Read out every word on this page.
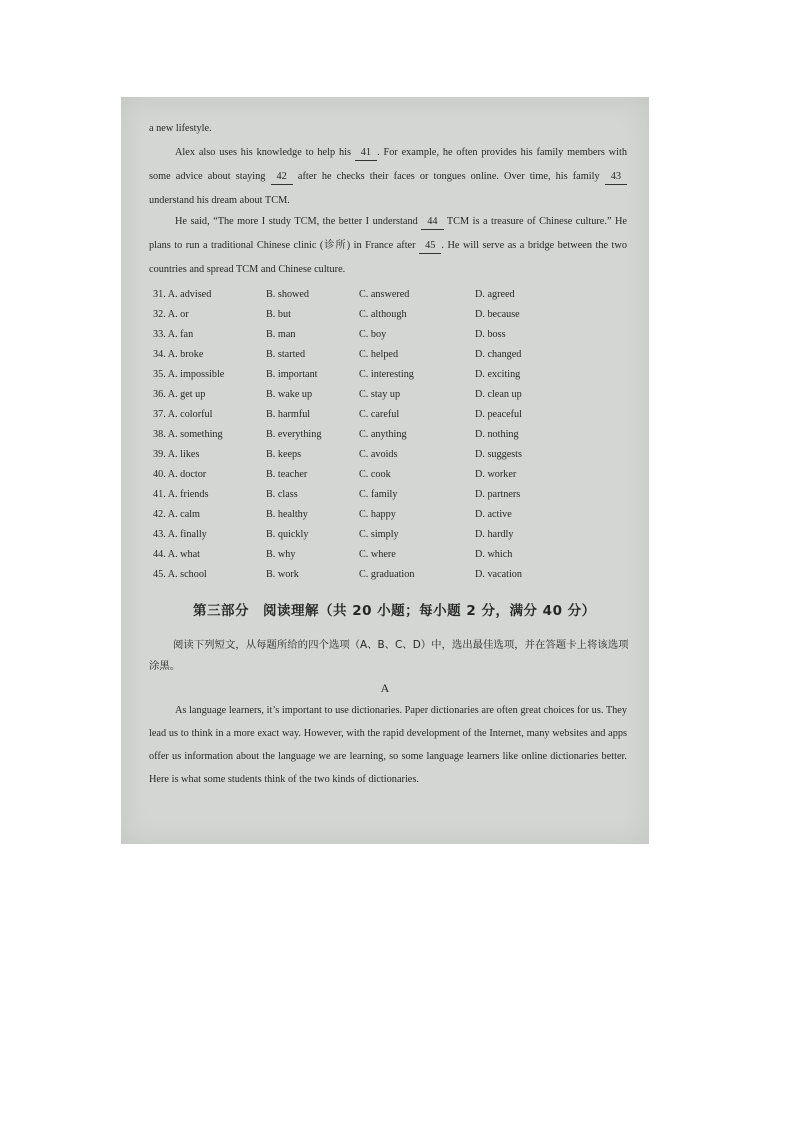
a new lifestyle.

Alex also uses his knowledge to help his 41 . For example, he often provides his family members with some advice about staying 42 after he checks their faces or tongues online. Over time, his family 43 understand his dream about TCM.

He said, “The more I study TCM, the better I understand 44 TCM is a treasure of Chinese culture.” He plans to run a traditional Chinese clinic (诊所) in France after 45 . He will serve as a bridge between the two countries and spread TCM and Chinese culture.

31. A. advised	B. showed	C. answered	D. agreed
32. A. or	B. but	C. although	D. because
33. A. fan	B. man	C. boy	D. boss
34. A. broke	B. started	C. helped	D. changed
35. A. impossible	B. important	C. interesting	D. exciting
36. A. get up	B. wake up	C. stay up	D. clean up
37. A. colorful	B. harmful	C. careful	D. peaceful
38. A. something	B. everything	C. anything	D. nothing
39. A. likes	B. keeps	C. avoids	D. suggests
40. A. doctor	B. teacher	C. cook	D. worker
41. A. friends	B. class	C. family	D. partners
42. A. calm	B. healthy	C. happy	D. active
43. A. finally	B. quickly	C. simply	D. hardly
44. A. what	B. why	C. where	D. which
45. A. school	B. work	C. graduation	D. vacation
第三部分　阅读理解（共 20 小题；每小题 2 分，满分 40 分）

阅读下列短文，从每题所给的四个选项（A、B、C、D）中，选出最佳选项，并在答题卡上将该选项涂黑。

A

As language learners, it’s important to use dictionaries. Paper dictionaries are often great choices for us. They lead us to think in a more exact way. However, with the rapid development of the Internet, many websites and apps offer us information about the language we are learning, so some language learners like online dictionaries better. Here is what some students think of the two kinds of dictionaries.
